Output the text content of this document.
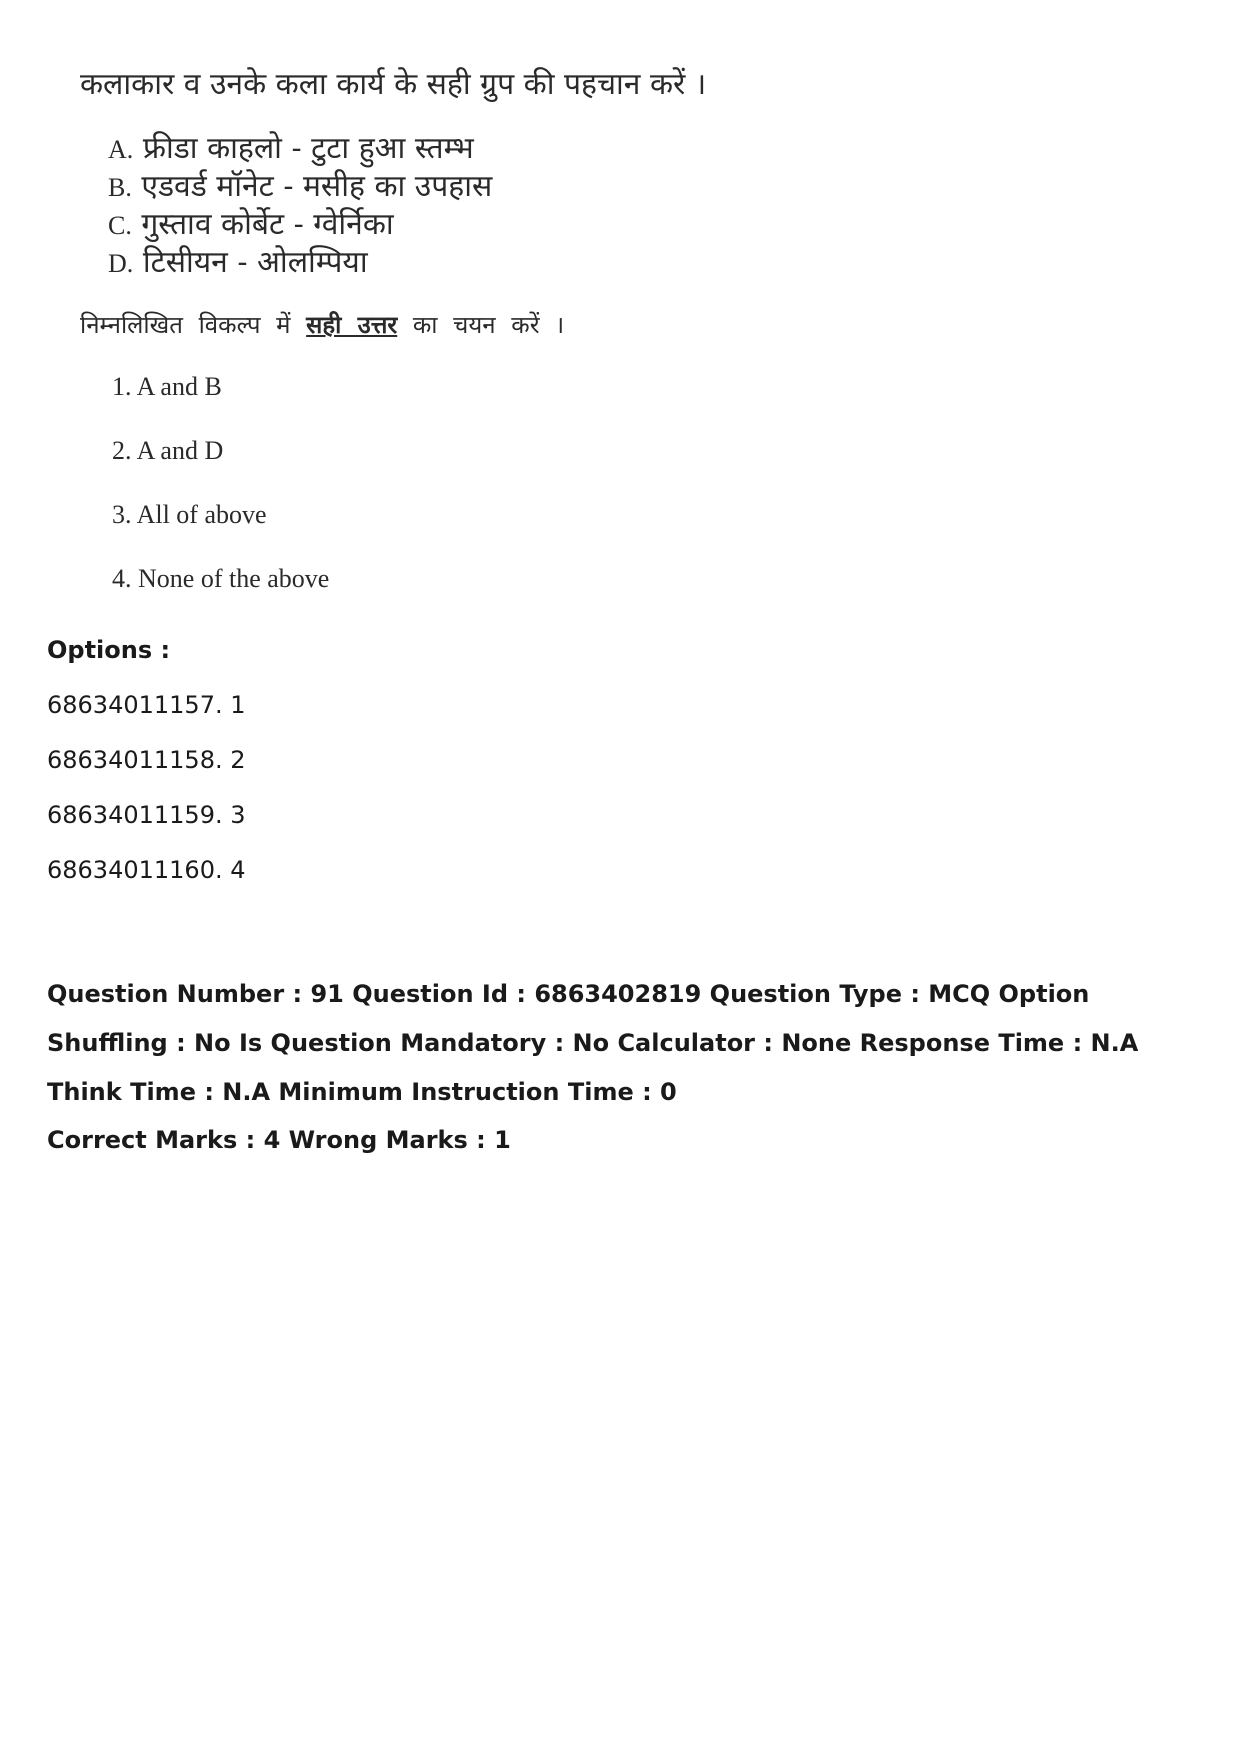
कलाकार व उनके कला कार्य के सही ग्रुप की पहचान करें ।
A. फ्रीडा काहलो - टुटा हुआ स्तम्भ
B. एडवर्ड मॉनेट - मसीह का उपहास
C. गुस्ताव कोर्बेट - ग्वेर्निका
D. टिसीयन - ओलम्पिया
निम्नलिखित विकल्प में सही उत्तर का चयन करें ।
1. A and B
2. A and D
3. All of above
4. None of the above
Options :
68634011157. 1
68634011158. 2
68634011159. 3
68634011160. 4
Question Number : 91 Question Id : 6863402819 Question Type : MCQ Option Shuffling : No Is Question Mandatory : No Calculator : None Response Time : N.A Think Time : N.A Minimum Instruction Time : 0
Correct Marks : 4 Wrong Marks : 1
